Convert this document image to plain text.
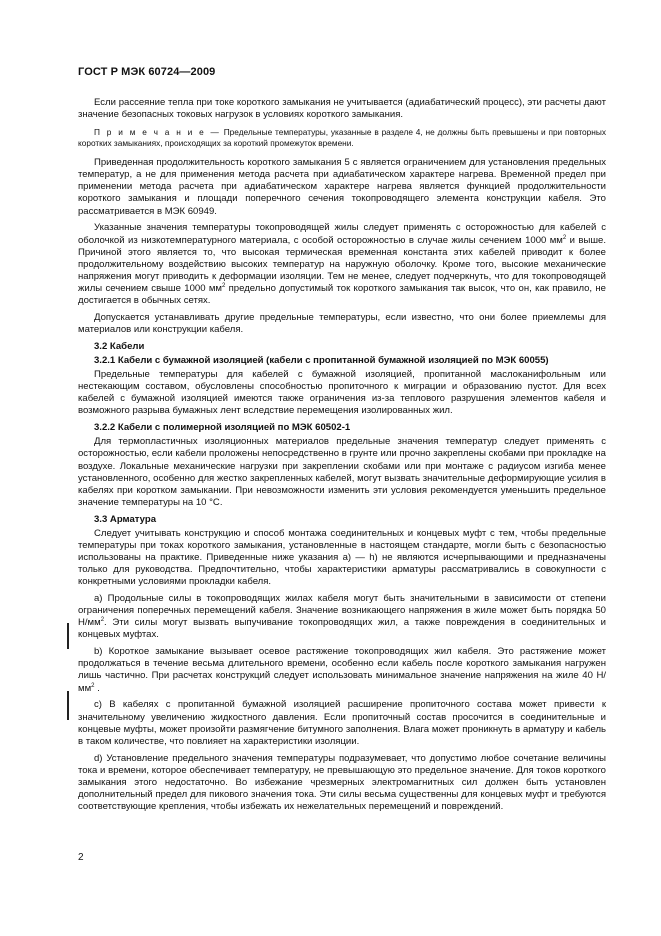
ГОСТ Р МЭК 60724—2009

Если рассеяние тепла при токе короткого замыкания не учитывается (адиабатический процесс), эти расчеты дают значение безопасных токовых нагрузок в условиях короткого замыкания.

П р и м е ч а н и е — Предельные температуры, указанные в разделе 4, не должны быть превышены и при повторных коротких замыканиях, происходящих за короткий промежуток времени.

Приведенная продолжительность короткого замыкания 5 с является ограничением для установления предельных температур, а не для применения метода расчета при адиабатическом характере нагрева. Временной предел при применении метода расчета при адиабатическом характере нагрева является функцией продолжительности короткого замыкания и площади поперечного сечения токопроводящего элемента конструкции кабеля. Это рассматривается в МЭК 60949.

Указанные значения температуры токопроводящей жилы следует применять с осторожностью для кабелей с оболочкой из низкотемпературного материала, с особой осторожностью в случае жилы сечением 1000 $мм^2$ и выше. Причиной этого является то, что высокая термическая временная константа этих кабелей приводит к более продолжительному воздействию высоких температур на наружную оболочку. Кроме того, высокие механические напряжения могут приводить к деформации изоляции. Тем не менее, следует подчеркнуть, что для токопроводящей жилы сечением свыше 1000 $мм^2$ предельно допустимый ток короткого замыкания так высок, что он, как правило, не достигается в обычных сетях.

Допускается устанавливать другие предельные температуры, если известно, что они более приемлемы для материалов или конструкции кабеля.

3.2 Кабели
3.2.1 Кабели с бумажной изоляцией (кабели с пропитанной бумажной изоляцией по МЭК 60055)

Предельные температуры для кабелей с бумажной изоляцией, пропитанной маслоканифольным или нестекающим составом, обусловлены способностью пропиточного к миграции и образованию пустот. Для всех кабелей с бумажной изоляцией имеются также ограничения из-за теплового разрушения элементов кабеля и возможного разрыва бумажных лент вследствие перемещения изолированных жил.

3.2.2 Кабели с полимерной изоляцией по МЭК 60502-1

Для термопластичных изоляционных материалов предельные значения температур следует применять с осторожностью, если кабели проложены непосредственно в грунте или прочно закреплены скобами при прокладке на воздухе. Локальные механические нагрузки при закреплении скобами или при монтаже с радиусом изгиба менее установленного, особенно для жестко закрепленных кабелей, могут вызвать значительные деформирующие усилия в кабелях при коротком замыкании. При невозможности изменить эти условия рекомендуется уменьшить предельное значение температуры на 10 °С.

3.3 Арматура

Следует учитывать конструкцию и способ монтажа соединительных и концевых муфт с тем, чтобы предельные температуры при токах короткого замыкания, установленные в настоящем стандарте, могли быть с безопасностью использованы на практике. Приведенные ниже указания а) — h) не являются исчерпывающими и предназначены только для руководства. Предпочтительно, чтобы характеристики арматуры рассматривались в совокупности с конкретными условиями прокладки кабеля.

a) Продольные силы в токопроводящих жилах кабеля могут быть значительными в зависимости от степени ограничения поперечных перемещений кабеля. Значение возникающего напряжения в жиле может быть порядка 50 $Н/мм^2$. Эти силы могут вызвать выпучивание токопроводящих жил, а также повреждения в соединительных и концевых муфтах.

b) Короткое замыкание вызывает осевое растяжение токопроводящих жил кабеля. Это растяжение может продолжаться в течение весьма длительного времени, особенно если кабель после короткого замыкания нагружен лишь частично. При расчетах конструкций следует использовать минимальное значение напряжения на жиле 40 $Н/мм^2$ .

c) В кабелях с пропитанной бумажной изоляцией расширение пропиточного состава может привести к значительному увеличению жидкостного давления. Если пропиточный состав просочится в соединительные и концевые муфты, может произойти размягчение битумного заполнения. Влага может проникнуть в арматуру и кабель в таком количестве, что повлияет на характеристики изоляции.

d) Установление предельного значения температуры подразумевает, что допустимо любое сочетание величины тока и времени, которое обеспечивает температуру, не превышающую это предельное значение. Для токов короткого замыкания этого недостаточно. Во избежание чрезмерных электромагнитных сил должен быть установлен дополнительный предел для пикового значения тока. Эти силы весьма существенны для концевых муфт и требуются соответствующие крепления, чтобы избежать их нежелательных перемещений и повреждений.

2
